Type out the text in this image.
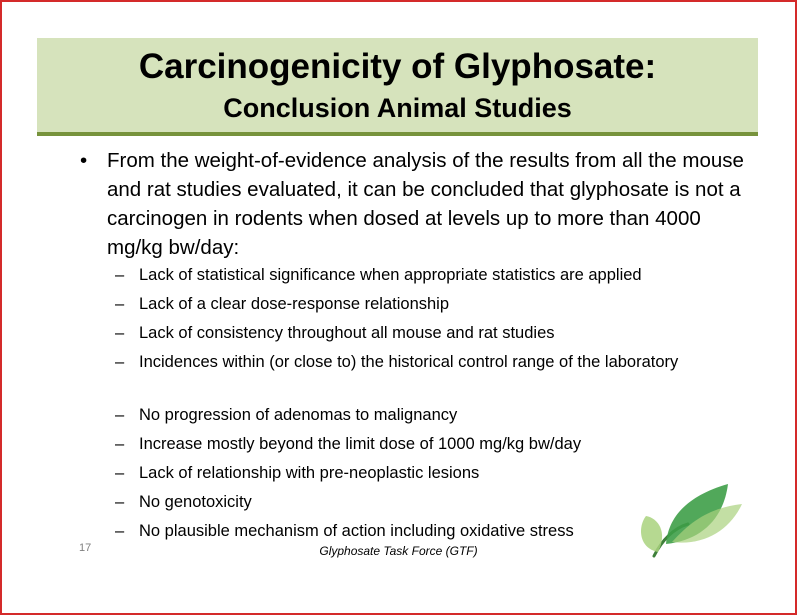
Carcinogenicity of Glyphosate:
Conclusion Animal Studies
• From the weight-of-evidence analysis of the results from all the mouse and rat studies evaluated, it can be concluded that glyphosate is not a carcinogen in rodents when dosed at levels up to more than 4000 mg/kg bw/day:
– Lack of statistical significance when appropriate statistics are applied
– Lack of a clear dose-response relationship
– Lack of consistency throughout all mouse and rat studies
– Incidences within (or close to) the historical control range of the laboratory
– No progression of adenomas to malignancy
– Increase mostly beyond the limit dose of 1000 mg/kg bw/day
– Lack of relationship with pre-neoplastic lesions
– No genotoxicity
– No plausible mechanism of action including oxidative stress
17	Glyphosate Task Force (GTF)
